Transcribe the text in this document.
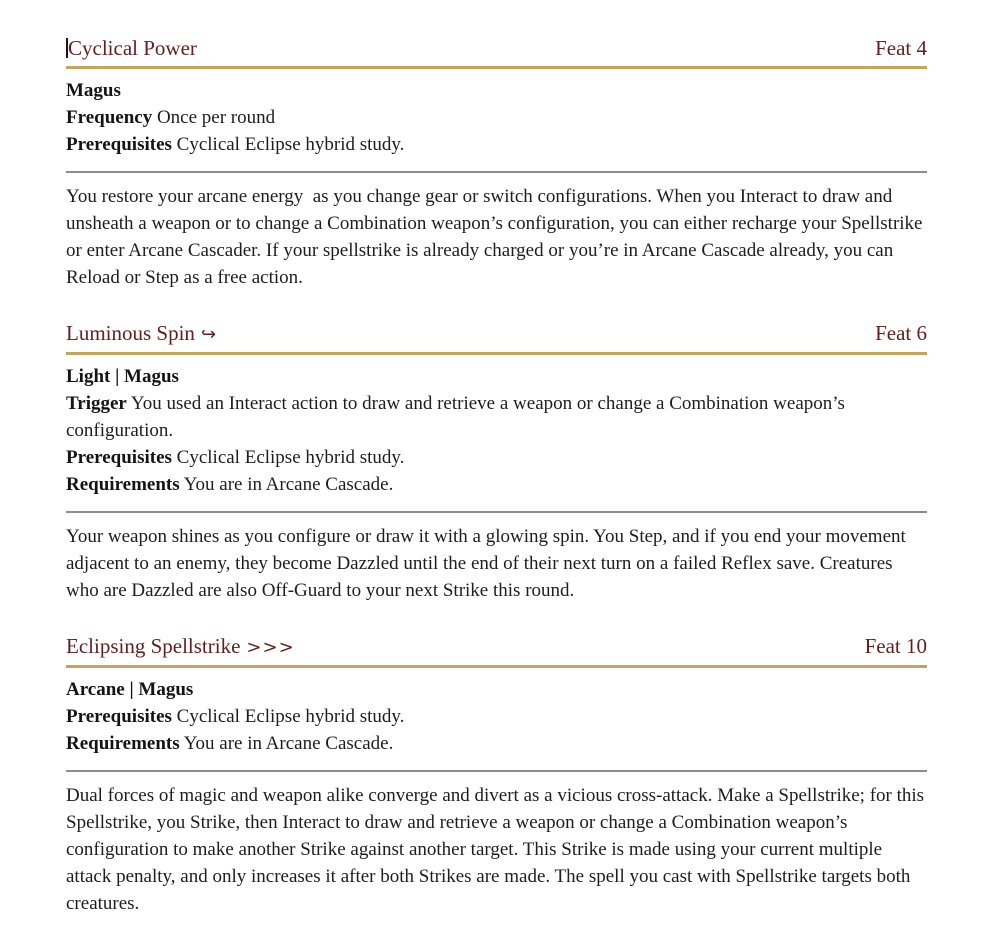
Cyclical Power	Feat 4
Magus
Frequency Once per round
Prerequisites Cyclical Eclipse hybrid study.

You restore your arcane energy  as you change gear or switch configurations. When you Interact to draw and unsheath a weapon or to change a Combination weapon’s configuration, you can either recharge your Spellstrike or enter Arcane Cascader. If your spellstrike is already charged or you’re in Arcane Cascade already, you can Reload or Step as a free action.

Luminous Spin ↪	Feat 6
Light | Magus
Trigger You used an Interact action to draw and retrieve a weapon or change a Combination weapon’s configuration.
Prerequisites Cyclical Eclipse hybrid study.
Requirements You are in Arcane Cascade.

Your weapon shines as you configure or draw it with a glowing spin. You Step, and if you end your movement adjacent to an enemy, they become Dazzled until the end of their next turn on a failed Reflex save. Creatures who are Dazzled are also Off-Guard to your next Strike this round.

Eclipsing Spellstrike >>>	Feat 10
Arcane | Magus
Prerequisites Cyclical Eclipse hybrid study.
Requirements You are in Arcane Cascade.

Dual forces of magic and weapon alike converge and divert as a vicious cross-attack. Make a Spellstrike; for this Spellstrike, you Strike, then Interact to draw and retrieve a weapon or change a Combination weapon’s configuration to make another Strike against another target. This Strike is made using your current multiple attack penalty, and only increases it after both Strikes are made. The spell you cast with Spellstrike targets both creatures.
